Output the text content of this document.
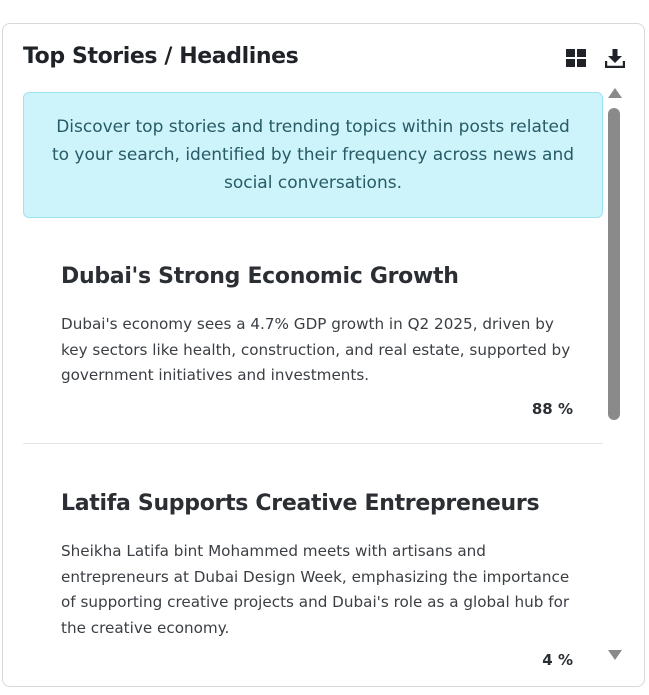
Top Stories / Headlines
Discover top stories and trending topics within posts related to your search, identified by their frequency across news and social conversations.
Dubai's Strong Economic Growth
Dubai's economy sees a 4.7% GDP growth in Q2 2025, driven by key sectors like health, construction, and real estate, supported by government initiatives and investments.
88 %
Latifa Supports Creative Entrepreneurs
Sheikha Latifa bint Mohammed meets with artisans and entrepreneurs at Dubai Design Week, emphasizing the importance of supporting creative projects and Dubai's role as a global hub for the creative economy.
4 %
